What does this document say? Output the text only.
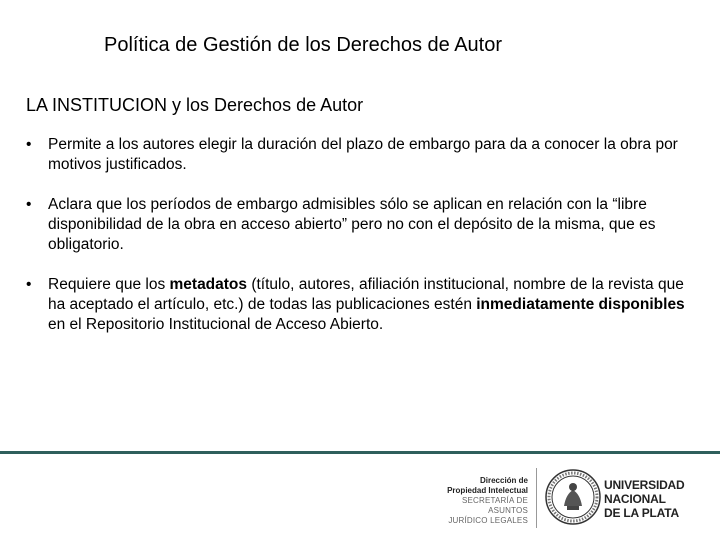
Política de Gestión de los Derechos de Autor
LA INSTITUCION y los Derechos de Autor
• Permite a los autores elegir la duración del plazo de embargo para da a conocer la obra por motivos justificados.
• Aclara que los períodos de embargo admisibles sólo se aplican en relación con la “libre disponibilidad de la obra en acceso abierto” pero no con el depósito de la misma, que es obligatorio.
• Requiere que los metadatos (título, autores, afiliación institucional, nombre de la revista que ha aceptado el artículo, etc.) de todas las publicaciones estén inmediatamente disponibles en el Repositorio Institucional de Acceso Abierto.
Dirección de
Propiedad Intelectual
SECRETARÍA DE ASUNTOS
JURÍDICO LEGALES
UNIVERSIDAD
NACIONAL
DE LA PLATA
